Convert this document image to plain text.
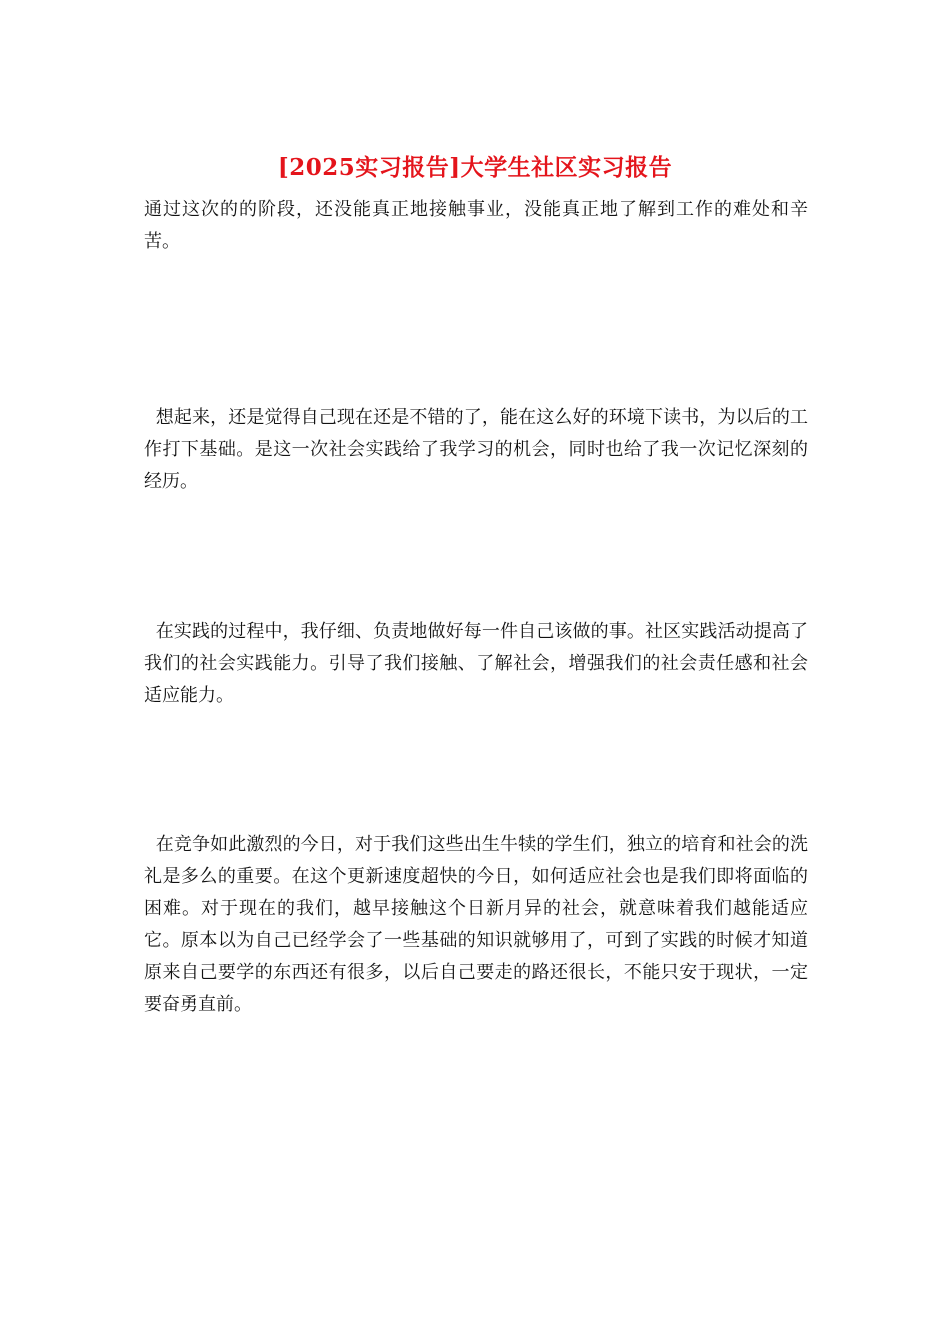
[2025实习报告]大学生社区实习报告

通过这次的的阶段，还没能真正地接触事业，没能真正地了解到工作的难处和辛苦。

想起来，还是觉得自己现在还是不错的了，能在这么好的环境下读书，为以后的工作打下基础。是这一次社会实践给了我学习的机会，同时也给了我一次记忆深刻的经历。

在实践的过程中，我仔细、负责地做好每一件自己该做的事。社区实践活动提高了我们的社会实践能力。引导了我们接触、了解社会，增强我们的社会责任感和社会适应能力。

在竞争如此激烈的今日，对于我们这些出生牛犊的学生们，独立的培育和社会的洗礼是多么的重要。在这个更新速度超快的今日，如何适应社会也是我们即将面临的困难。对于现在的我们，越早接触这个日新月异的社会，就意味着我们越能适应它。原本以为自己已经学会了一些基础的知识就够用了，可到了实践的时候才知道原来自己要学的东西还有很多，以后自己要走的路还很长，不能只安于现状，一定要奋勇直前。
